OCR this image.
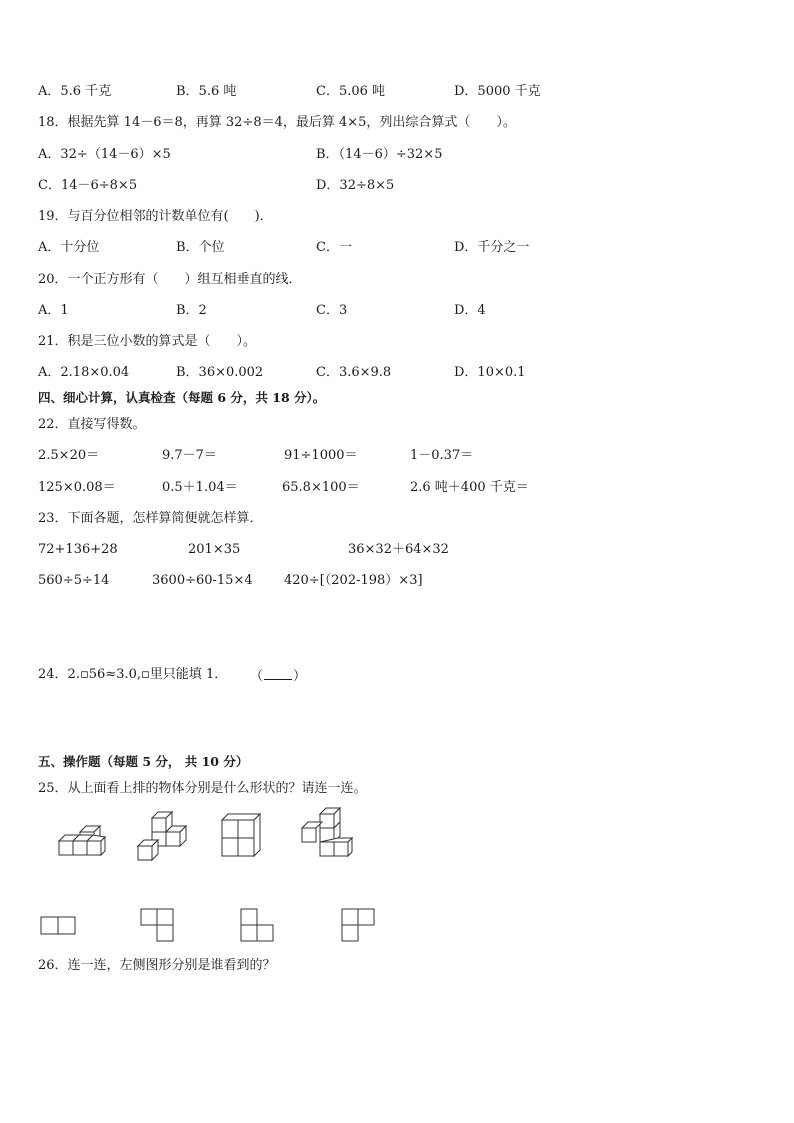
A．5.6 千克	B．5.6 吨	C．5.06 吨	D．5000 千克
18．根据先算 14－6＝8，再算 32÷8＝4，最后算 4×5，列出综合算式（　　）。
A．32÷（14－6）×5	B．（14－6）÷32×5
C．14－6÷8×5	D．32÷8×5
19．与百分位相邻的计数单位有(　　)．
A．十分位	B．个位	C．一	D．千分之一
20．一个正方形有（　　）组互相垂直的线．
A．1	B．2	C．3	D．4
21．积是三位小数的算式是（　　）。
A．2.18×0.04	B．36×0.002	C．3.6×9.8	D．10×0.1
四、细心计算，认真检查（每题 6 分，共 18 分）。
22．直接写得数。
2.5×20＝	9.7－7＝	91÷1000＝	1－0.37＝
125×0.08＝	0.5＋1.04＝	65.8×100＝	2.6 吨＋400 千克＝
23．下面各题，怎样算简便就怎样算．
72+136+28	201×35	36×32＋64×32
560÷5÷14	3600÷60-15×4 420÷[（202-198）×3]
24．2.▫56≈3.0,▫里只能填 1． （ ）
五、操作题（每题 5 分， 共 10 分）
25．从上面看上排的物体分别是什么形状的？请连一连。
26．连一连，左侧图形分别是谁看到的？
